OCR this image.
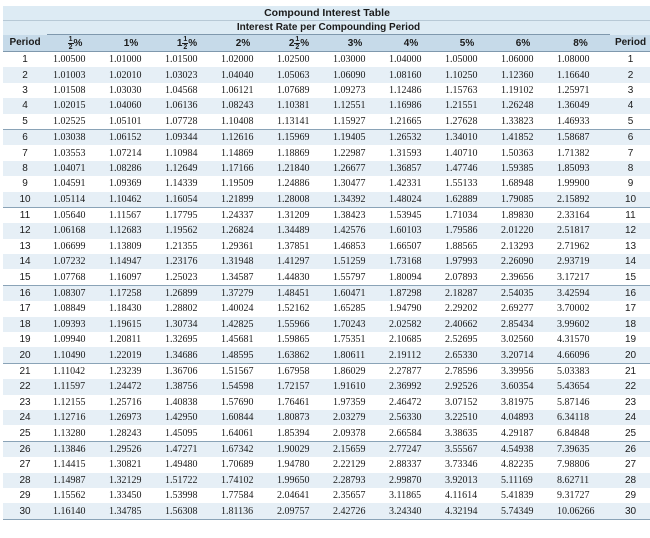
Compound Interest Table											
	Interest Rate per Compounding Period										
Period	$\frac{1}{2}$ %	1%	$1 \frac{1}{2}$ %	2%	$2 \frac{1}{2}$ %	3%	4%	5%	6%	8%	Period
1	1.00500	1.01000	1.01500	1.02000	1.02500	1.03000	1.04000	1.05000	1.06000	1.08000	1
2	1.01003	1.02010	1.03023	1.04040	1.05063	1.06090	1.08160	1.10250	1.12360	1.16640	2
3	1.01508	1.03030	1.04568	1.06121	1.07689	1.09273	1.12486	1.15763	1.19102	1.25971	3
4	1.02015	1.04060	1.06136	1.08243	1.10381	1.12551	1.16986	1.21551	1.26248	1.36049	4
5	1.02525	1.05101	1.07728	1.10408	1.13141	1.15927	1.21665	1.27628	1.33823	1.46933	5
6	1.03038	1.06152	1.09344	1.12616	1.15969	1.19405	1.26532	1.34010	1.41852	1.58687	6
7	1.03553	1.07214	1.10984	1.14869	1.18869	1.22987	1.31593	1.40710	1.50363	1.71382	7
8	1.04071	1.08286	1.12649	1.17166	1.21840	1.26677	1.36857	1.47746	1.59385	1.85093	8
9	1.04591	1.09369	1.14339	1.19509	1.24886	1.30477	1.42331	1.55133	1.68948	1.99900	9
10	1.05114	1.10462	1.16054	1.21899	1.28008	1.34392	1.48024	1.62889	1.79085	2.15892	10
11	1.05640	1.11567	1.17795	1.24337	1.31209	1.38423	1.53945	1.71034	1.89830	2.33164	11
12	1.06168	1.12683	1.19562	1.26824	1.34489	1.42576	1.60103	1.79586	2.01220	2.51817	12
13	1.06699	1.13809	1.21355	1.29361	1.37851	1.46853	1.66507	1.88565	2.13293	2.71962	13
14	1.07232	1.14947	1.23176	1.31948	1.41297	1.51259	1.73168	1.97993	2.26090	2.93719	14
15	1.07768	1.16097	1.25023	1.34587	1.44830	1.55797	1.80094	2.07893	2.39656	3.17217	15
16	1.08307	1.17258	1.26899	1.37279	1.48451	1.60471	1.87298	2.18287	2.54035	3.42594	16
17	1.08849	1.18430	1.28802	1.40024	1.52162	1.65285	1.94790	2.29202	2.69277	3.70002	17
18	1.09393	1.19615	1.30734	1.42825	1.55966	1.70243	2.02582	2.40662	2.85434	3.99602	18
19	1.09940	1.20811	1.32695	1.45681	1.59865	1.75351	2.10685	2.52695	3.02560	4.31570	19
20	1.10490	1.22019	1.34686	1.48595	1.63862	1.80611	2.19112	2.65330	3.20714	4.66096	20
21	1.11042	1.23239	1.36706	1.51567	1.67958	1.86029	2.27877	2.78596	3.39956	5.03383	21
22	1.11597	1.24472	1.38756	1.54598	1.72157	1.91610	2.36992	2.92526	3.60354	5.43654	22
23	1.12155	1.25716	1.40838	1.57690	1.76461	1.97359	2.46472	3.07152	3.81975	5.87146	23
24	1.12716	1.26973	1.42950	1.60844	1.80873	2.03279	2.56330	3.22510	4.04893	6.34118	24
25	1.13280	1.28243	1.45095	1.64061	1.85394	2.09378	2.66584	3.38635	4.29187	6.84848	25
26	1.13846	1.29526	1.47271	1.67342	1.90029	2.15659	2.77247	3.55567	4.54938	7.39635	26
27	1.14415	1.30821	1.49480	1.70689	1.94780	2.22129	2.88337	3.73346	4.82235	7.98806	27
28	1.14987	1.32129	1.51722	1.74102	1.99650	2.28793	2.99870	3.92013	5.11169	8.62711	28
29	1.15562	1.33450	1.53998	1.77584	2.04641	2.35657	3.11865	4.11614	5.41839	9.31727	29
30	1.16140	1.34785	1.56308	1.81136	2.09757	2.42726	3.24340	4.32194	5.74349	10.06266	30
